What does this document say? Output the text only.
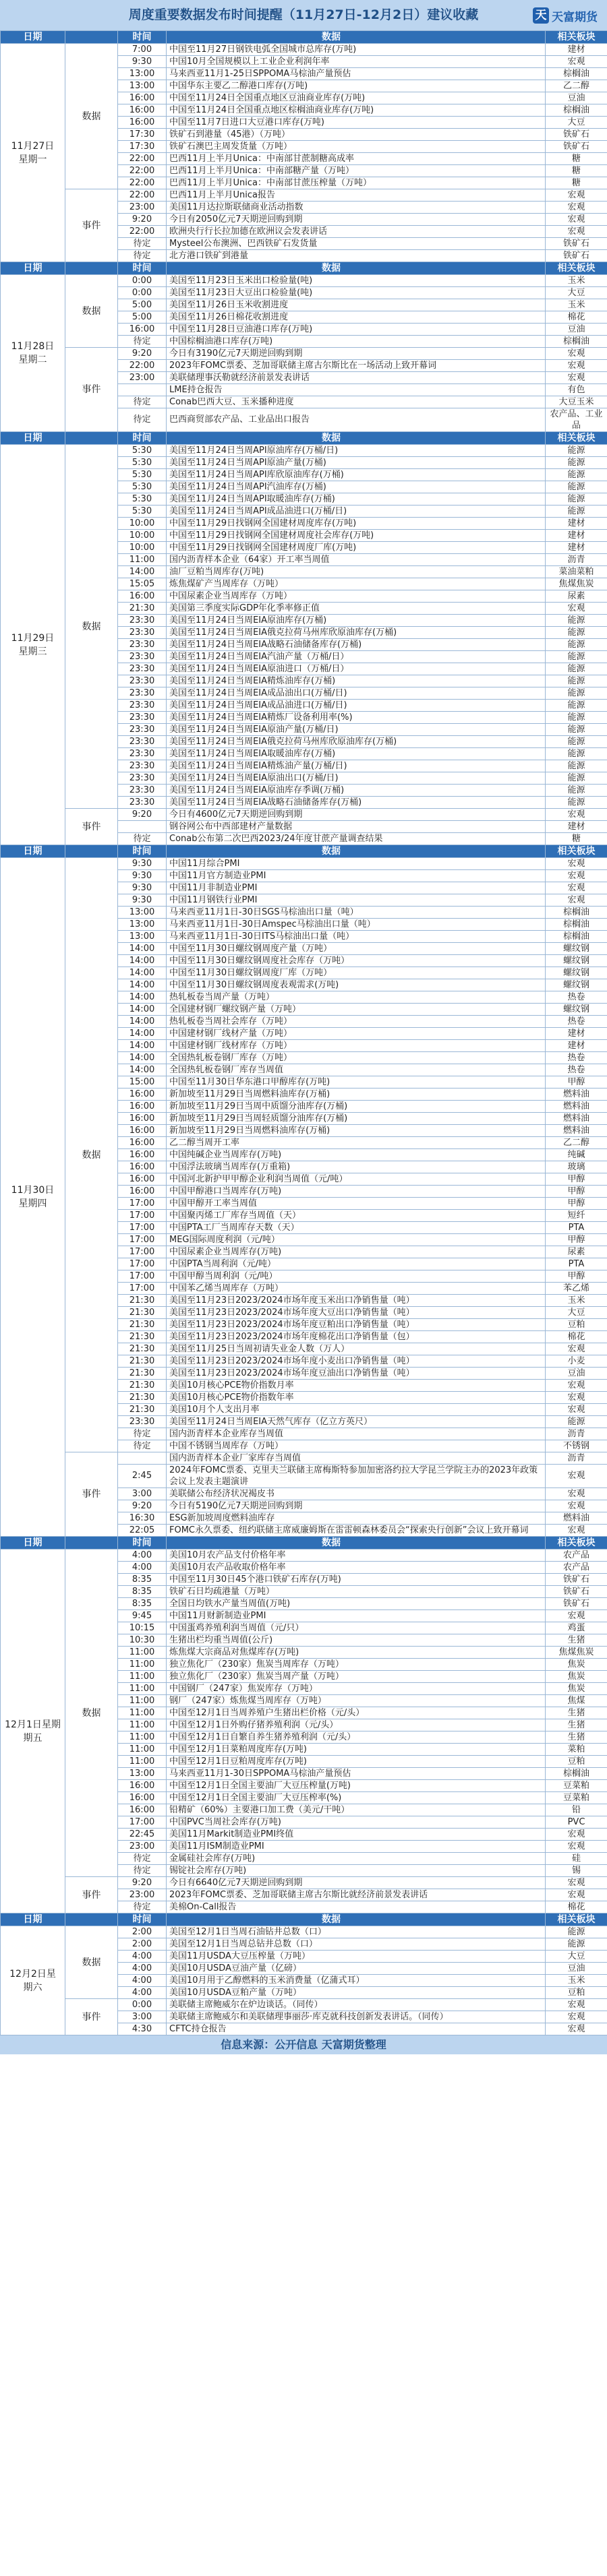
周度重要数据发布时间提醒（11月27日-12月2日）建议收藏	天 天富期货
日期		时间	数据	相关板块

11月27日
星期一	数据	7:00	中国至11月27日钢铁电弧全国城市总库存(万吨)	建材
		9:30	中国10月全国规模以上工业企业利润年率	宏观
		13:00	马来西亚11月1-25日SPPOMA马棕油产量预估	棕榈油
		13:00	中国华东主要乙二醇港口库存(万吨)	乙二醇
		16:00	中国至11月24日全国重点地区豆油商业库存(万吨)	豆油
		16:00	中国至11月24日全国重点地区棕榈油商业库存(万吨)	棕榈油
		16:00	中国至11月7日进口大豆港口库存(万吨)	大豆
		17:30	铁矿石到港量（45港）（万吨）	铁矿石
		17:30	铁矿石澳巴主周发货量（万吨）	铁矿石
		22:00	巴西11月上半月Unica：中南部甘蔗制糖高成率	糖
		22:00	巴西11月上半月Unica：中南部糖产量（万吨）	糖
		22:00	巴西11月上半月Unica：中南部甘蔗压榨量（万吨）	糖
	事件	22:00	巴西11月上半月Unica报告	宏观
		23:00	美国11月达拉斯联储商业活动指数	宏观
		9:20	今日有2050亿元7天期逆回购到期	宏观
		22:00	欧洲央行行长拉加德在欧洲议会发表讲话	宏观
		待定	Mysteel公布澳洲、巴西铁矿石发货量	铁矿石
		待定	北方港口铁矿到港量	铁矿石
日期		时间	数据	相关板块

11月28日
星期二	数据	0:00	美国至11月23日玉米出口检验量(吨)	玉米
		0:00	美国至11月23日大豆出口检验量(吨)	大豆
		5:00	美国至11月26日玉米收割进度	玉米
		5:00	美国至11月26日棉花收割进度	棉花
		16:00	中国至11月28日豆油港口库存(万吨)	豆油
		待定	中国棕榈油港口库存(万吨)	棕榈油
	事件	9:20	今日有3190亿元7天期逆回购到期	宏观
		22:00	2023年FOMC票委、芝加哥联储主席古尔斯比在一场活动上致开幕词	宏观
		23:00	美联储理事沃勒就经济前景发表讲话	宏观
			LME持仓报告	有色
		待定	Conab巴西大豆、玉米播种进度	大豆玉米
		待定	巴西商贸部农产品、工业品出口报告	农产品、工业品
日期		时间	数据	相关板块

11月29日
星期三	数据	5:30	美国至11月24日当周API原油库存(万桶/日)	能源
		5:30	美国至11月24日当周API原油产量(万桶)	能源
		5:30	美国至11月24日当周API库欣原油库存(万桶)	能源
		5:30	美国至11月24日当周API汽油库存(万桶)	能源
		5:30	美国至11月24日当周API取暖油库存(万桶)	能源
		5:30	美国至11月24日当周API成品油进口(万桶/日)	能源
		10:00	中国至11月29日找钢网全国建材周度库存(万吨)	建材
		10:00	中国至11月29日找钢网全国建材周度社会库存(万吨)	建材
		10:00	中国至11月29日找钢网全国建材周度厂库(万吨)	建材
		11:00	国内沥青样本企业（64家）开工率当周值	沥青
		14:00	油厂豆粕当周库存(万吨)	菜油菜粕
		15:05	炼焦煤矿产当周库存（万吨）	焦煤焦炭
		16:00	中国尿素企业当周库存（万吨）	尿素
		21:30	美国第三季度实际GDP年化季率修正值	宏观
		23:30	美国至11月24日当周EIA原油库存(万桶)	能源
		23:30	美国至11月24日当周EIA俄克拉荷马州库欣原油库存(万桶)	能源
		23:30	美国至11月24日当周EIA战略石油储备库存(万桶)	能源
		23:30	美国至11月24日当周EIA汽油产量（万桶/日）	能源
		23:30	美国至11月24日当周EIA原油进口（万桶/日）	能源
		23:30	美国至11月24日当周EIA精炼油库存(万桶)	能源
		23:30	美国至11月24日当周EIA成品油出口(万桶/日)	能源
		23:30	美国至11月24日当周EIA成品油进口(万桶/日)	能源
		23:30	美国至11月24日当周EIA精炼厂设备利用率(%)	能源
		23:30	美国至11月24日当周EIA原油产量(万桶/日)	能源
		23:30	美国至11月24日当周EIA俄克拉荷马州库欣原油库存(万桶)	能源
		23:30	美国至11月24日当周EIA取暖油库存(万桶)	能源
		23:30	美国至11月24日当周EIA精炼油产量(万桶/日)	能源
		23:30	美国至11月24日当周EIA原油出口(万桶/日)	能源
		23:30	美国至11月24日当周EIA原油库存季调(万桶)	能源
		23:30	美国至11月24日当周EIA战略石油储备库存(万桶)	能源
	事件	9:20	今日有4600亿元7天期逆回购到期	宏观
			钢谷网公布中西部建材产量数据	建材
		待定	Conab公布第二次巴西2023/24年度甘蔗产量调查结果	糖
日期		时间	数据	相关板块

11月30日
星期四	数据	9:30	中国11月综合PMI	宏观
		9:30	中国11月官方制造业PMI	宏观
		9:30	中国11月非制造业PMI	宏观
		9:30	中国11月钢铁行业PMI	宏观
		13:00	马来西亚11月1日-30日SGS马棕油出口量（吨）	棕榈油
		13:00	马来西亚11月1日-30日Amspec马棕油出口量（吨）	棕榈油
		13:00	马来西亚11月1日-30日ITS马棕油出口量（吨）	棕榈油
		14:00	中国至11月30日螺纹钢周度产量（万吨）	螺纹钢
		14:00	中国至11月30日螺纹钢周度社会库存（万吨）	螺纹钢
		14:00	中国至11月30日螺纹钢周度厂库（万吨）	螺纹钢
		14:00	中国至11月30日螺纹钢周度表观需求(万吨)	螺纹钢
		14:00	热轧板卷当周产量（万吨）	热卷
		14:00	全国建材钢厂螺纹钢产量（万吨）	螺纹钢
		14:00	热轧板卷当周社会库存（万吨）	热卷
		14:00	中国建材钢厂线材产量（万吨）	建材
		14:00	中国建材钢厂线材库存（万吨）	建材
		14:00	全国热轧板卷钢厂库存（万吨）	热卷
		14:00	全国热轧板卷钢厂库存当周值	热卷
		15:00	中国至11月30日华东港口甲醇库存(万吨)	甲醇
		16:00	新加坡至11月29日当周燃料油库存(万桶)	燃料油
		16:00	新加坡至11月29日当周中质馏分油库存(万桶)	燃料油
		16:00	新加坡至11月29日当周轻质馏分油库存(万桶)	燃料油
		16:00	新加坡至11月29日当周燃料油库存(万桶)	燃料油
		16:00	乙二醇当周开工率	乙二醇
		16:00	中国纯碱企业当周库存(万吨)	纯碱
		16:00	中国浮法玻璃当周库存(万重箱)	玻璃
		16:00	中国河北新护甲甲醇企业利润当周值（元/吨）	甲醇
		16:00	中国甲醇港口当周库存(万吨)	甲醇
		17:00	中国甲醇开工率当周值	甲醇
		17:00	中国聚丙烯工厂库存当周值（天）	短纤
		17:00	中国PTA工厂当周库存天数（天）	PTA
		17:00	MEG国际周度利润（元/吨）	甲醇
		17:00	中国尿素企业当周库存(万吨)	尿素
		17:00	中国PTA当周利润（元/吨）	PTA
		17:00	中国甲醇当周利润（元/吨）	甲醇
		17:00	中国苯乙烯当周库存（万吨）	苯乙烯
		21:30	美国至11月23日2023/2024市场年度玉米出口净销售量（吨）	玉米
		21:30	美国至11月23日2023/2024市场年度大豆出口净销售量（吨）	大豆
		21:30	美国至11月23日2023/2024市场年度豆粕出口净销售量（吨）	豆粕
		21:30	美国至11月23日2023/2024市场年度棉花出口净销售量（包）	棉花
		21:30	美国至11月25日当周初请失业金人数（万人）	宏观
		21:30	美国至11月23日2023/2024市场年度小麦出口净销售量（吨）	小麦
		21:30	美国至11月23日2023/2024市场年度豆油出口净销售量（吨）	豆油
		21:30	美国10月核心PCE物价指数月率	宏观
		21:30	美国10月核心PCE物价指数年率	宏观
		21:30	美国10月个人支出月率	宏观
		23:30	美国至11月24日当周EIA天然气库存（亿立方英尺）	能源
		待定	国内沥青样本企业库存当周值	沥青
		待定	中国不锈钢当周库存（万吨）	不锈钢
	事件		国内沥青样本企业厂家库存当周值	沥青
		2:45	2024年FOMC票委、克里夫兰联储主席梅斯特参加加密洛约拉大学昆兰学院主办的2023年政策会议上发表主题演讲	宏观
		3:00	美联储公布经济状况褐皮书	宏观
		9:20	今日有5190亿元7天期逆回购到期	宏观
		16:30	ESG新加坡周度燃料油库存	燃料油
		22:05	FOMC永久票委、纽约联储主席威廉姆斯在雷雷顿森林委员会“探索央行创新”会议上致开幕词	宏观
日期		时间	数据	相关板块

12月1日星期
期五	数据	4:00	美国10月农产品支付价格年率	农产品
		4:00	美国10月农产品收取价格年率	农产品
		8:35	中国至11月30日45个港口铁矿石库存(万吨)	铁矿石
		8:35	铁矿石日均疏港量（万吨）	铁矿石
		8:35	全国日均铁水产量当周值(万吨)	铁矿石
		9:45	中国11月财新制造业PMI	宏观
		10:15	中国蛋鸡养殖利润当周值（元/只）	鸡蛋
		10:30	生猪出栏均重当周值(公斤)	生猪
		11:00	炼焦煤大宗商品对焦煤库存(万吨)	焦煤焦炭
		11:00	独立焦化厂（230家）焦炭当周库存（万吨）	焦炭
		11:00	独立焦化厂（230家）焦炭当周产量（万吨）	焦炭
		11:00	中国钢厂（247家）焦炭库存（万吨）	焦炭
		11:00	钢厂（247家）炼焦煤当周库存（万吨）	焦煤
		11:00	中国至12月1日当周养殖户生猪出栏价格（元/头）	生猪
		11:00	中国至12月1日外购仔猪养殖利润（元/头）	生猪
		11:00	中国至12月1日自繁自养生猪养殖利润（元/头）	生猪
		11:00	中国至12月1日菜粕周度库存(万吨)	菜粕
		11:00	中国至12月1日豆粕周度库存(万吨)	豆粕
		13:00	马来西亚11月1-30日SPPOMA马棕油产量预估	棕榈油
		16:00	中国至12月1日全国主要油厂大豆压榨量(万吨)	豆菜粕
		16:00	中国至12月1日全国主要油厂大豆压榨率(%)	豆菜粕
		16:00	铅精矿（60%）主要港口加工费（美元/干吨）	铅
		17:00	中国PVC当周社会库存(万吨)	PVC
		22:45	美国11月Markit制造业PMI终值	宏观
		23:00	美国11月ISM制造业PMI	宏观
		待定	金属硅社会库存(万吨)	硅
		待定	锡锭社会库存(万吨)	锡
	事件	9:20	今日有6640亿元7天期逆回购到期	宏观
		23:00	2023年FOMC票委、芝加哥联储主席古尔斯比就经济前景发表讲话	宏观
		待定	美棉On-Call报告	棉花
日期		时间	数据	相关板块

12月2日星
期六	数据	2:00	美国至12月1日当周石油钻井总数（口）	能源
		2:00	美国至12月1日当周总钻井总数（口）	能源
		4:00	美国11月USDA大豆压榨量（万吨）	大豆
		4:00	美国10月USDA豆油产量（亿磅）	豆油
		4:00	美国10月用于乙醇燃料的玉米消费量（亿蒲式耳）	玉米
		4:00	美国10月USDA豆粕产量（万吨）	豆粕
	事件	0:00	美联储主席鲍威尔在炉边谈话。（同传）	宏观
		3:00	美联储主席鲍威尔和美联储理事丽莎·库克就科技创新发表讲话。（同传）	宏观
		4:30	CFTC持仓报告	宏观
信息来源：公开信息 天富期货整理
